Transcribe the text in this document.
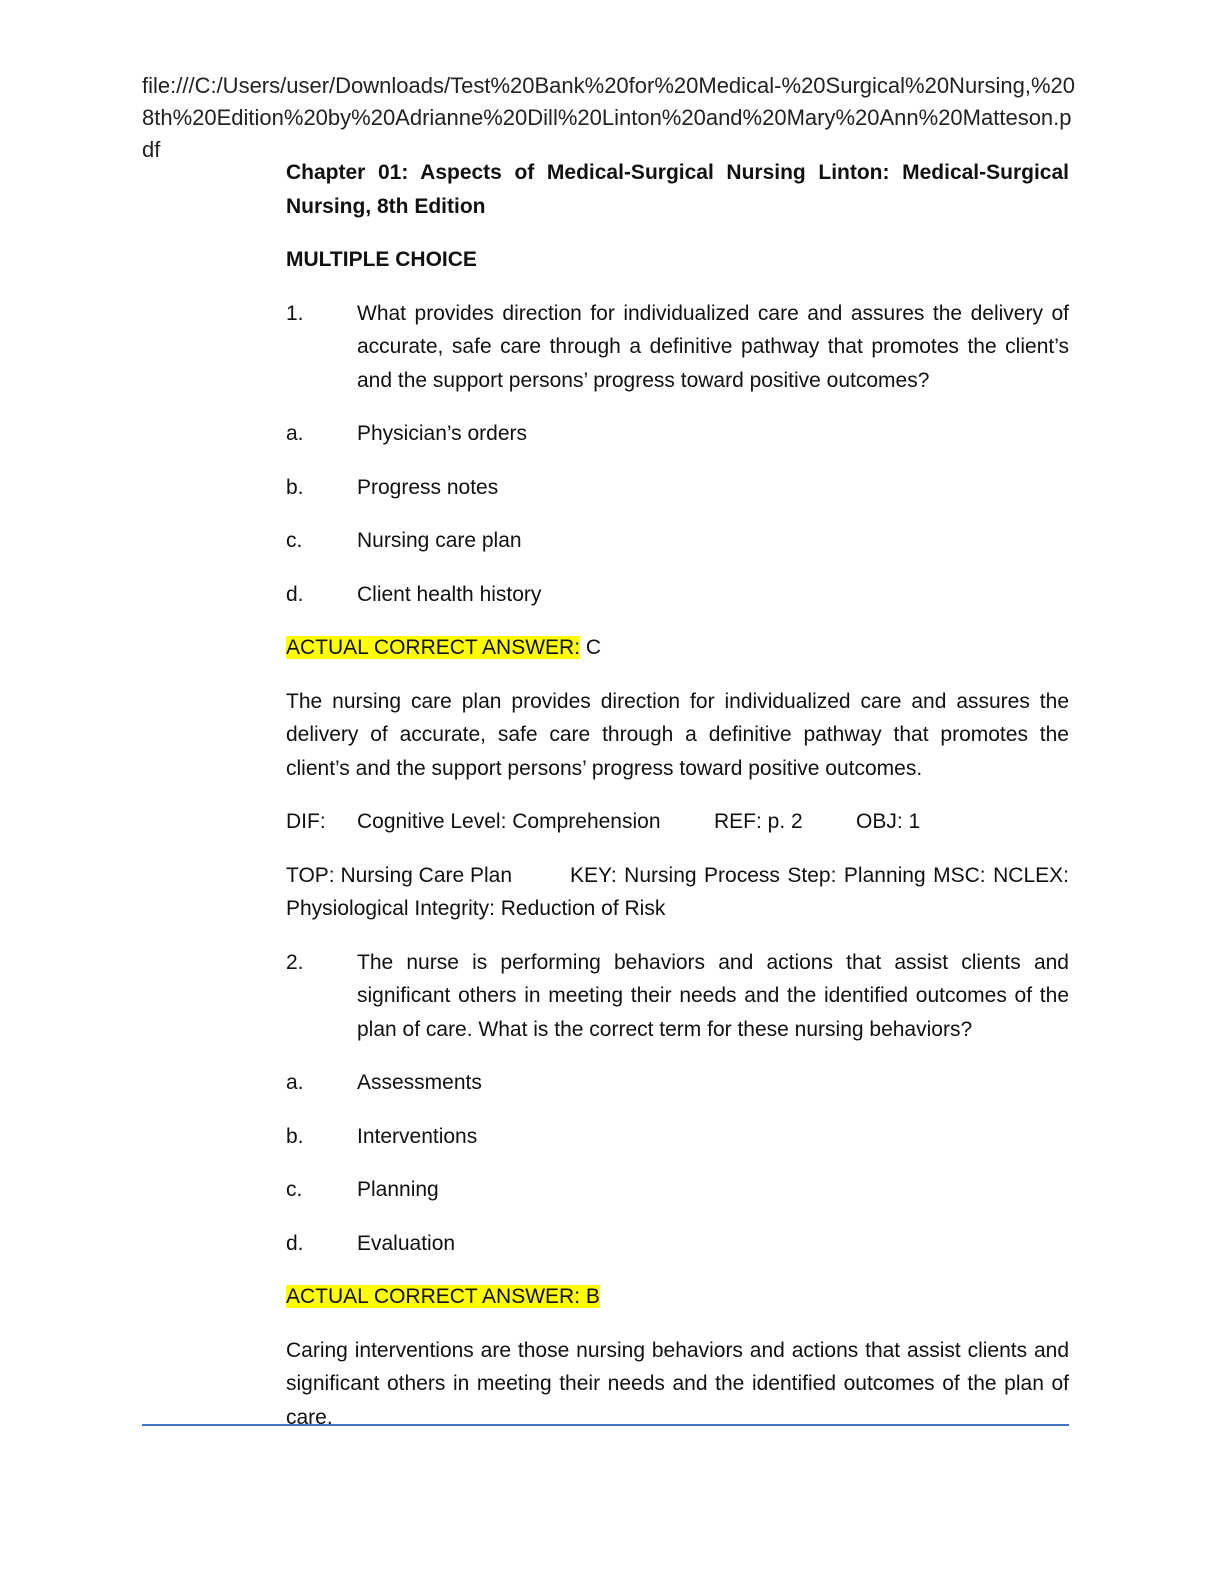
file:///C:/Users/user/Downloads/Test%20Bank%20for%20Medical-%20Surgical%20Nursing,%208th%20Edition%20by%20Adrianne%20Dill%20Linton%20and%20Mary%20Ann%20Matteson.pdf

Chapter 01: Aspects of Medical-Surgical Nursing Linton: Medical-Surgical Nursing, 8th Edition

MULTIPLE CHOICE

1.	What provides direction for individualized care and assures the delivery of accurate, safe care through a definitive pathway that promotes the client’s and the support persons’ progress toward positive outcomes?
a.	Physician’s orders
b.	Progress notes
c.	Nursing care plan
d.	Client health history

ACTUAL CORRECT ANSWER: C

The nursing care plan provides direction for individualized care and assures the delivery of accurate, safe care through a definitive pathway that promotes the client’s and the support persons’ progress toward positive outcomes.

DIF:	Cognitive Level: Comprehension	REF: p. 2	OBJ: 1

TOP: Nursing Care Plan	KEY: Nursing Process Step: Planning MSC: NCLEX: Physiological Integrity: Reduction of Risk

2.	The nurse is performing behaviors and actions that assist clients and significant others in meeting their needs and the identified outcomes of the plan of care. What is the correct term for these nursing behaviors?
a.	Assessments
b.	Interventions
c.	Planning
d.	Evaluation

ACTUAL CORRECT ANSWER: B

Caring interventions are those nursing behaviors and actions that assist clients and significant others in meeting their needs and the identified outcomes of the plan of care.
